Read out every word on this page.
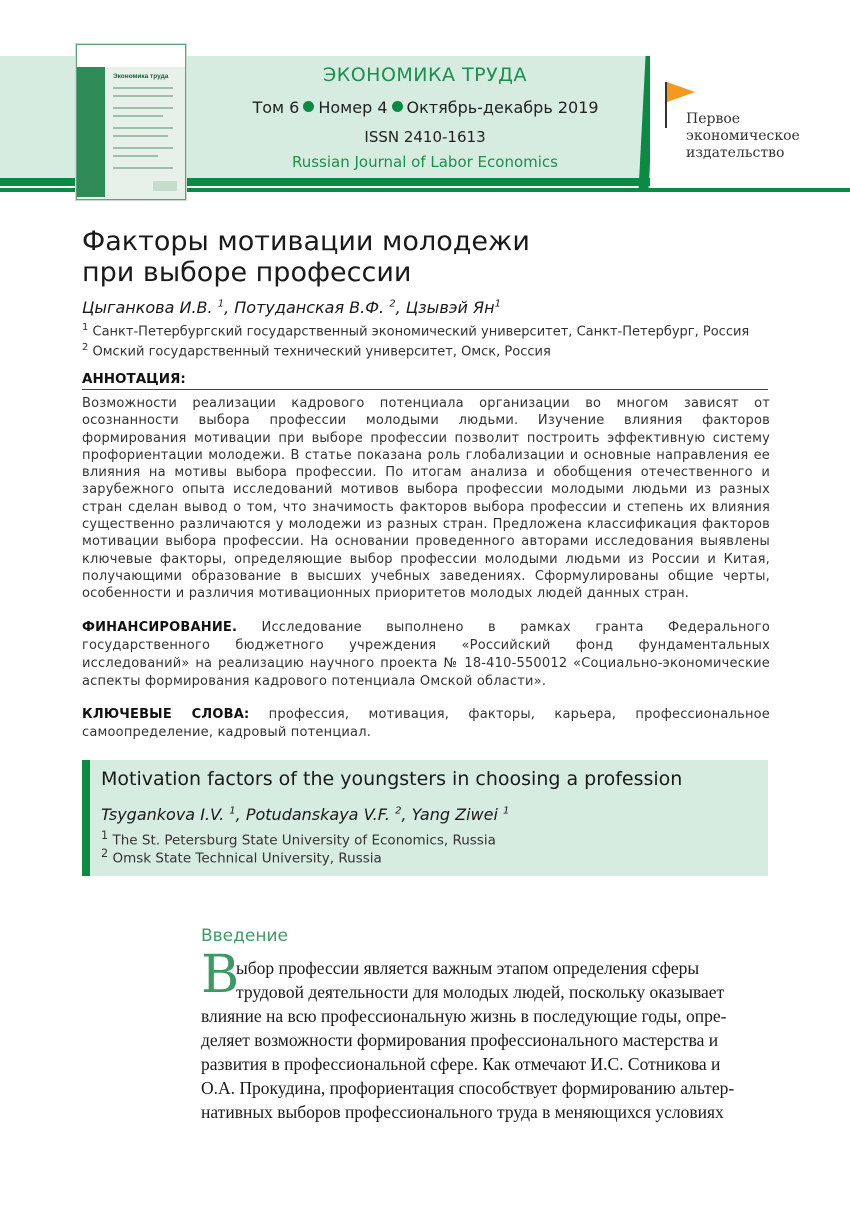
Экономика труда	ЭКОНОМИКА ТРУДА
Том 6 Номер 4 Октябрь-декабрь 2019
ISSN 2410-1613
Russian Journal of Labor Economics
Первое
экономическое
издательство
Факторы мотивации молодежи
при выборе профессии
Цыганкова И.В. $^1$, Потуданская В.Ф. $^2$, Цзывэй $Ян^1$
$^1$ Санкт-Петербургский государственный экономический университет, Санкт-Петербург, Россия
$^2$ Омский государственный технический университет, Омск, Россия
АННОТАЦИЯ:
Возможности реализации кадрового потенциала организации во многом зависят от осознанности выбора профессии молодыми людьми. Изучение влияния факторов формирования мотивации при выборе профессии позволит построить эффективную систему профориентации молодежи. В статье показана роль глобализации и основные направления ее влияния на мотивы выбора профессии. По итогам анализа и обобщения отечественного и зарубежного опыта исследований мотивов выбора профессии молодыми людьми из разных стран сделан вывод о том, что значимость факторов выбора профессии и степень их влияния существенно различаются у молодежи из разных стран. Предложена классификация факторов мотивации выбора профессии. На основании проведенного авторами исследования выявлены ключевые факторы, определяющие выбор профессии молодыми людьми из России и Китая, получающими образование в высших учебных заведениях. Сформулированы общие черты, особенности и различия мотивационных приоритетов молодых людей данных стран.
ФИНАНСИРОВАНИЕ. Исследование выполнено в рамках гранта Федерального государственного бюджетного учреждения «Российский фонд фундаментальных исследований» на реализацию научного проекта № 18-410-550012 «Социально-экономические аспекты формирования кадрового потенциала Омской области».
КЛЮЧЕВЫЕ СЛОВА: профессия, мотивация, факторы, карьера, профессиональное самоопределение, кадровый потенциал.
Motivation factors of the youngsters in choosing a profession
Tsygankova I.V. $^1$, Potudanskaya V.F. $^2$, Yang Ziwei $^1$
$^1$ The St. Petersburg State University of Economics, Russia
$^2$ Omsk State Technical University, Russia
Введение
В
ыбор профессии является важным этапом определения сферы
трудовой деятельности для молодых людей, поскольку оказывает
влияние на всю профессиональную жизнь в последующие годы, опре-
деляет возможности формирования профессионального мастерства и
развития в профессиональной сфере. Как отмечают И.С. Сотникова и
О.А. Прокудина, профориентация способствует формированию альтер-
нативных выборов профессионального труда в меняющихся условиях
